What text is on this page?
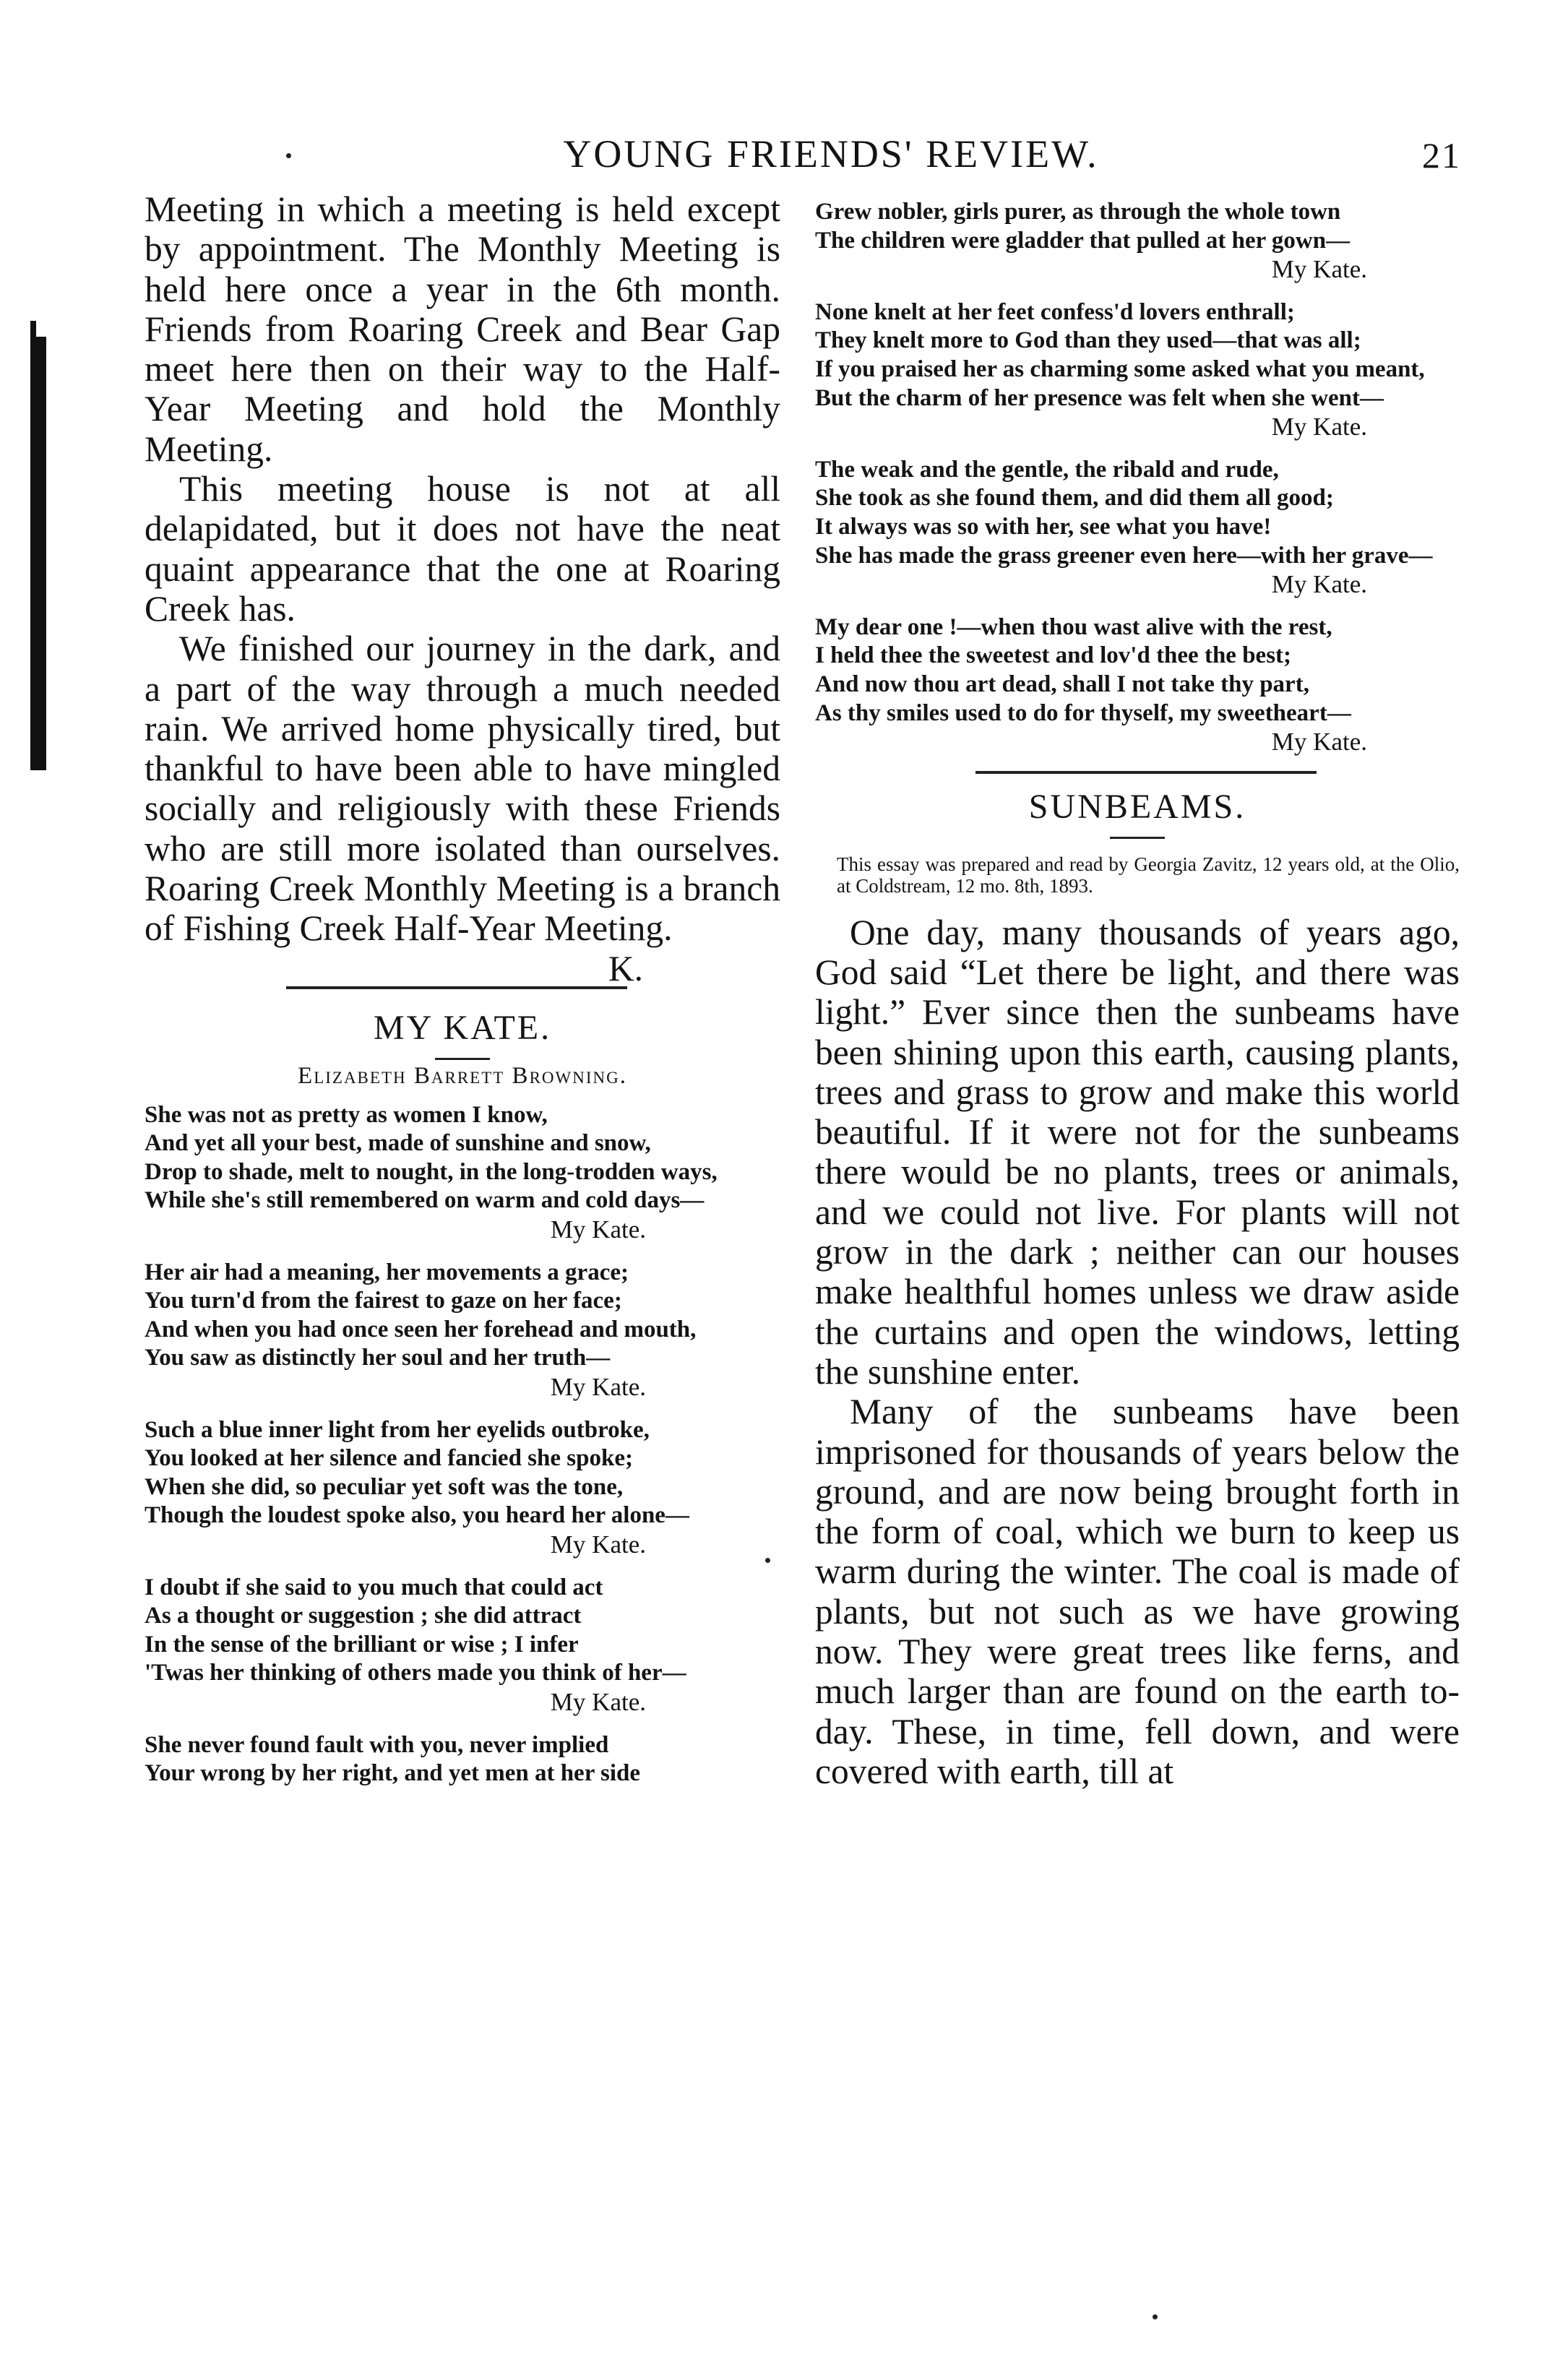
YOUNG FRIENDS' REVIEW.	21

Meeting in which a meeting is held except by appointment. The Monthly Meeting is held here once a year in the 6th month. Friends from Roaring Creek and Bear Gap meet here then on their way to the Half-Year Meeting and hold the Monthly Meeting.

This meeting house is not at all delapidated, but it does not have the neat quaint appearance that the one at Roaring Creek has.

We finished our journey in the dark, and a part of the way through a much needed rain. We arrived home physically tired, but thankful to have been able to have mingled socially and religiously with these Friends who are still more isolated than ourselves. Roaring Creek Monthly Meeting is a branch of Fishing Creek Half-Year Meeting.
K.

MY KATE.
Elizabeth Barrett Browning.
She was not as pretty as women I know,
And yet all your best, made of sunshine and snow,
Drop to shade, melt to nought, in the long-trodden ways,
While she's still remembered on warm and cold days—
My Kate.
Her air had a meaning, her movements a grace;
You turn'd from the fairest to gaze on her face;
And when you had once seen her forehead and mouth,
You saw as distinctly her soul and her truth—
My Kate.
Such a blue inner light from her eyelids outbroke,
You looked at her silence and fancied she spoke;
When she did, so peculiar yet soft was the tone,
Though the loudest spoke also, you heard her alone—
My Kate.
I doubt if she said to you much that could act
As a thought or suggestion ; she did attract
In the sense of the brilliant or wise ; I infer
'Twas her thinking of others made you think of her—
My Kate.
She never found fault with you, never implied
Your wrong by her right, and yet men at her side
Grew nobler, girls purer, as through the whole town
The children were gladder that pulled at her gown—
My Kate.
None knelt at her feet confess'd lovers enthrall;
They knelt more to God than they used—that was all;
If you praised her as charming some asked what you meant,
But the charm of her presence was felt when she went—
My Kate.
The weak and the gentle, the ribald and rude,
She took as she found them, and did them all good;
It always was so with her, see what you have!
She has made the grass greener even here—with her grave—
My Kate.
My dear one !—when thou wast alive with the rest,
I held thee the sweetest and lov'd thee the best;
And now thou art dead, shall I not take thy part,
As thy smiles used to do for thyself, my sweetheart—
My Kate.
SUNBEAMS.
This essay was prepared and read by Georgia Zavitz, 12 years old, at the Olio, at Coldstream, 12 mo. 8th, 1893.

One day, many thousands of years ago, God said “Let there be light, and there was light.” Ever since then the sunbeams have been shining upon this earth, causing plants, trees and grass to grow and make this world beautiful. If it were not for the sunbeams there would be no plants, trees or animals, and we could not live. For plants will not grow in the dark ; neither can our houses make healthful homes unless we draw aside the curtains and open the windows, letting the sunshine enter.

Many of the sunbeams have been imprisoned for thousands of years below the ground, and are now being brought forth in the form of coal, which we burn to keep us warm during the winter. The coal is made of plants, but not such as we have growing now. They were great trees like ferns, and much larger than are found on the earth to-day. These, in time, fell down, and were covered with earth, till at
